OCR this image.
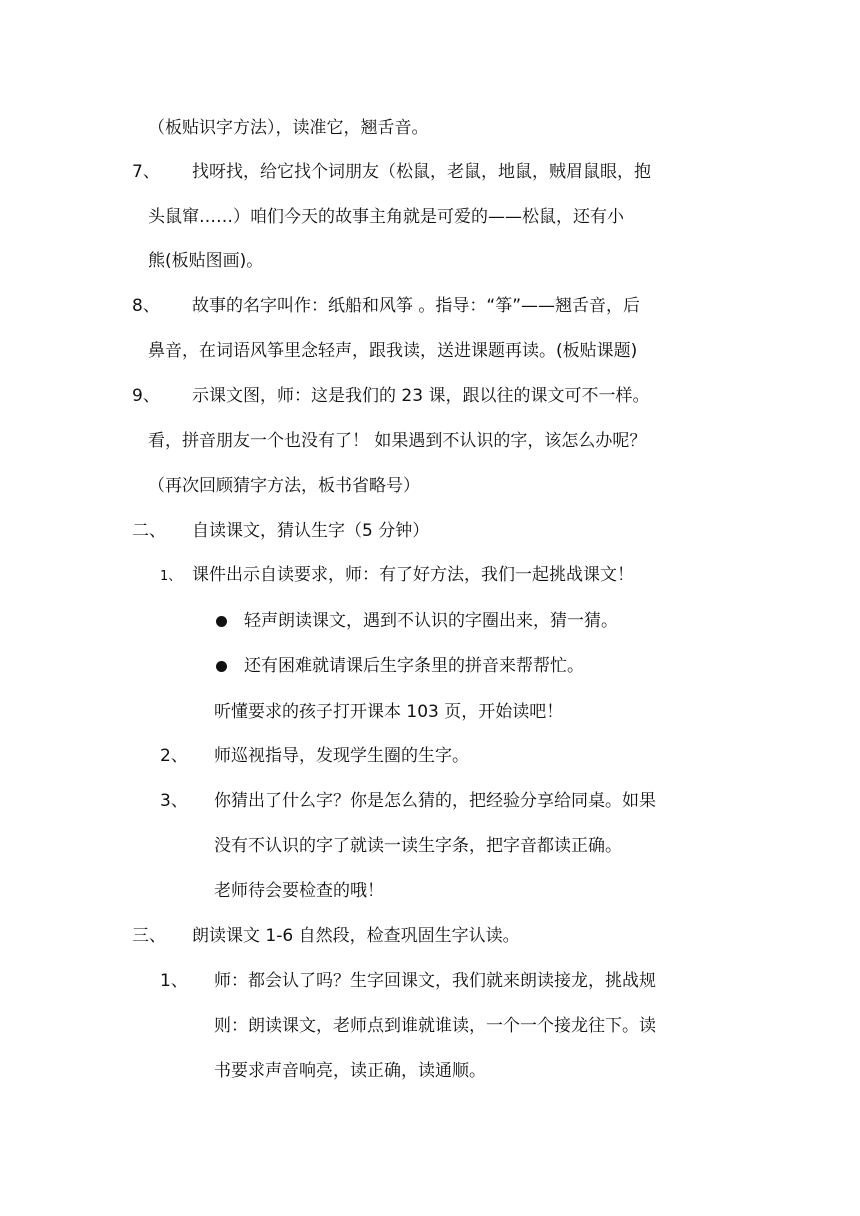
（板贴识字方法），读准它，翘舌音。
7、 找呀找，给它找个词朋友（松鼠，老鼠，地鼠，贼眉鼠眼，抱
头鼠窜……）咱们今天的故事主角就是可爱的——松鼠，还有小
熊(板贴图画)。
8、 故事的名字叫作：纸船和风筝 。指导：“筝”——翘舌音，后
鼻音，在词语风筝里念轻声，跟我读，送进课题再读。(板贴课题)
9、 示课文图，师：这是我们的 23 课，跟以往的课文可不一样。
看，拼音朋友一个也没有了！ 如果遇到不认识的字，该怎么办呢？
（再次回顾猜字方法，板书省略号）
二、 自读课文，猜认生字（5 分钟）
1、 课件出示自读要求，师：有了好方法，我们一起挑战课文！
轻声朗读课文，遇到不认识的字圈出来，猜一猜。
还有困难就请课后生字条里的拼音来帮帮忙。
听懂要求的孩子打开课本 103 页，开始读吧！
2、 师巡视指导，发现学生圈的生字。
3、 你猜出了什么字？你是怎么猜的，把经验分享给同桌。如果
没有不认识的字了就读一读生字条，把字音都读正确。
老师待会要检查的哦！
三、 朗读课文 1-6 自然段，检查巩固生字认读。
1、 师：都会认了吗？生字回课文，我们就来朗读接龙，挑战规
则：朗读课文，老师点到谁就谁读，一个一个接龙往下。读
书要求声音响亮，读正确，读通顺。
